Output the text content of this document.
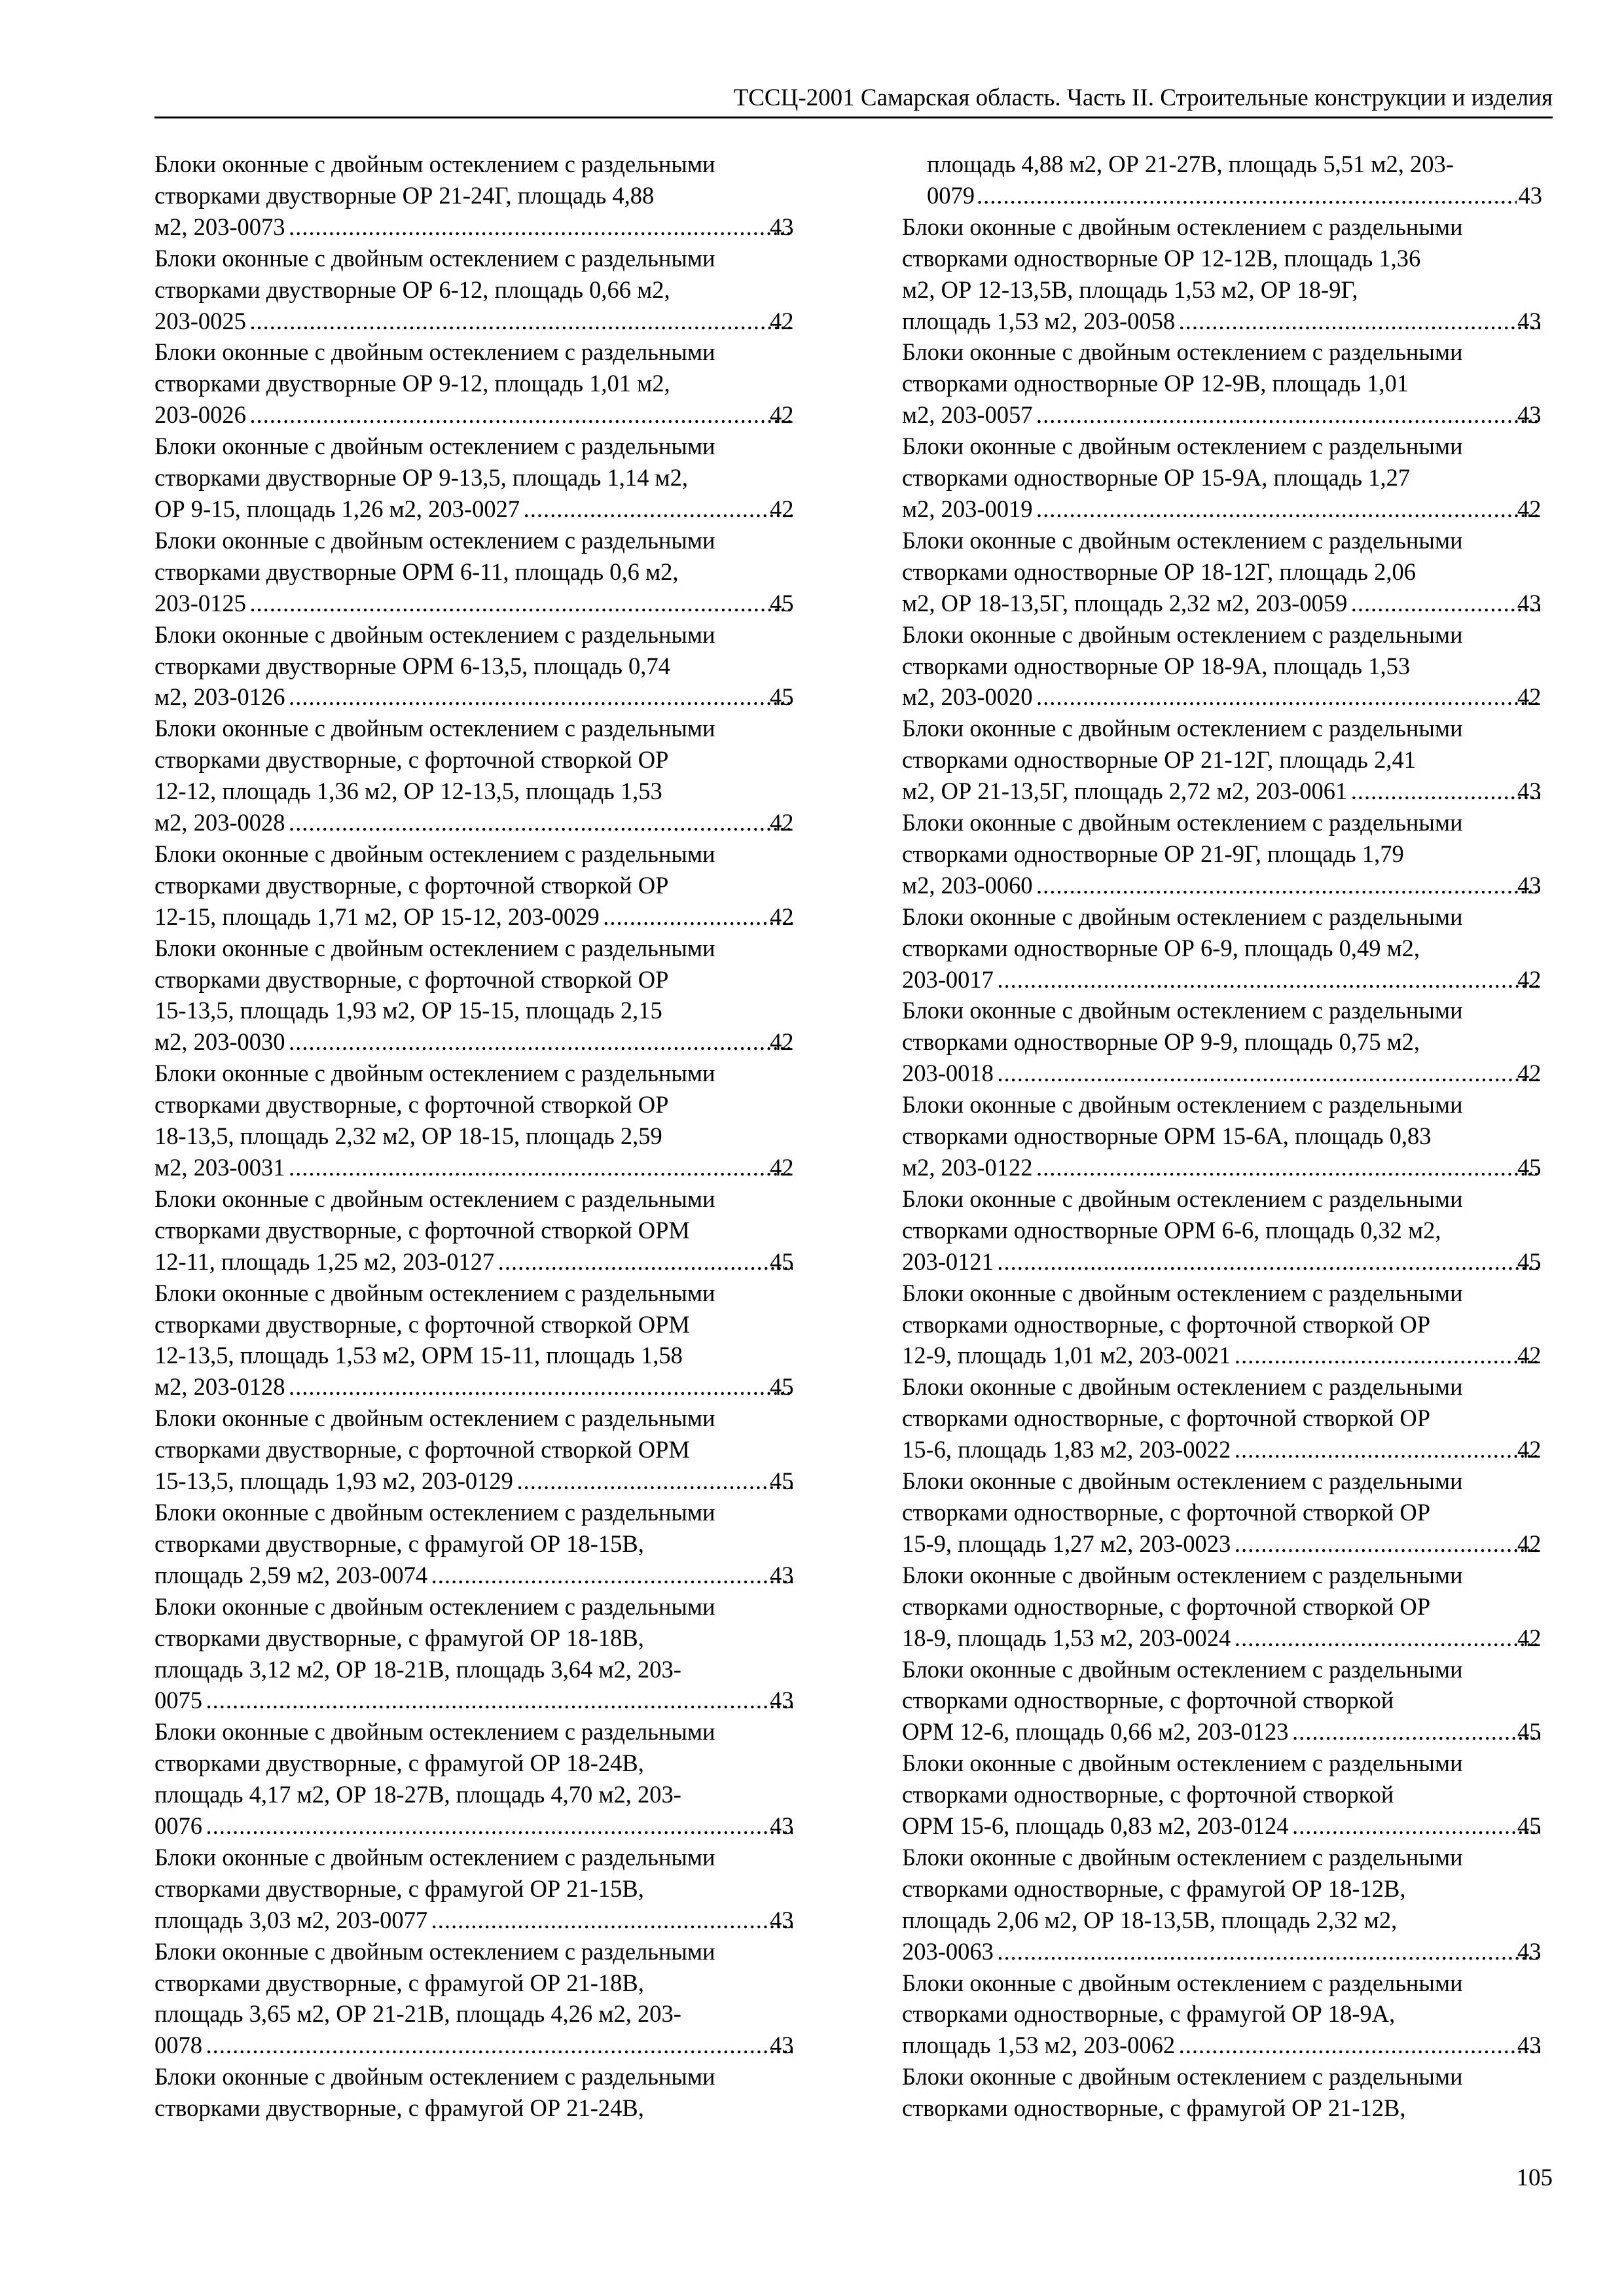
ТССЦ-2001 Самарская область. Часть II. Строительные конструкции и изделия
Блоки оконные с двойным остеклением с раздельными
створками двустворные ОР 21-24Г, площадь 4,88
м2, 203-0073 .....	43
Блоки оконные с двойным остеклением с раздельными
створками двустворные ОР 6-12, площадь 0,66 м2,
203-0025 .....	42
Блоки оконные с двойным остеклением с раздельными
створками двустворные ОР 9-12, площадь 1,01 м2,
203-0026 .....	42
Блоки оконные с двойным остеклением с раздельными
створками двустворные ОР 9-13,5, площадь 1,14 м2,
ОР 9-15, площадь 1,26 м2, 203-0027 .....	42
Блоки оконные с двойным остеклением с раздельными
створками двустворные ОРМ 6-11, площадь 0,6 м2,
203-0125 .....	45
Блоки оконные с двойным остеклением с раздельными
створками двустворные ОРМ 6-13,5, площадь 0,74
м2, 203-0126 .....	45
Блоки оконные с двойным остеклением с раздельными
створками двустворные, с форточной створкой ОР
12-12, площадь 1,36 м2, ОР 12-13,5, площадь 1,53
м2, 203-0028 .....	42
Блоки оконные с двойным остеклением с раздельными
створками двустворные, с форточной створкой ОР
12-15, площадь 1,71 м2, ОР 15-12, 203-0029 .....	42
Блоки оконные с двойным остеклением с раздельными
створками двустворные, с форточной створкой ОР
15-13,5, площадь 1,93 м2, ОР 15-15, площадь 2,15
м2, 203-0030 .....	42
Блоки оконные с двойным остеклением с раздельными
створками двустворные, с форточной створкой ОР
18-13,5, площадь 2,32 м2, ОР 18-15, площадь 2,59
м2, 203-0031 .....	42
Блоки оконные с двойным остеклением с раздельными
створками двустворные, с форточной створкой ОРМ
12-11, площадь 1,25 м2, 203-0127 .....	45
Блоки оконные с двойным остеклением с раздельными
створками двустворные, с форточной створкой ОРМ
12-13,5, площадь 1,53 м2, ОРМ 15-11, площадь 1,58
м2, 203-0128 .....	45
Блоки оконные с двойным остеклением с раздельными
створками двустворные, с форточной створкой ОРМ
15-13,5, площадь 1,93 м2, 203-0129 .....	45
Блоки оконные с двойным остеклением с раздельными
створками двустворные, с фрамугой ОР 18-15В,
площадь 2,59 м2, 203-0074 .....	43
Блоки оконные с двойным остеклением с раздельными
створками двустворные, с фрамугой ОР 18-18В,
площадь 3,12 м2, ОР 18-21В, площадь 3,64 м2, 203-
0075 .....	43
Блоки оконные с двойным остеклением с раздельными
створками двустворные, с фрамугой ОР 18-24В,
площадь 4,17 м2, ОР 18-27В, площадь 4,70 м2, 203-
0076 .....	43
Блоки оконные с двойным остеклением с раздельными
створками двустворные, с фрамугой ОР 21-15В,
площадь 3,03 м2, 203-0077 .....	43
Блоки оконные с двойным остеклением с раздельными
створками двустворные, с фрамугой ОР 21-18В,
площадь 3,65 м2, ОР 21-21В, площадь 4,26 м2, 203-
0078 .....	43
Блоки оконные с двойным остеклением с раздельными
створками двустворные, с фрамугой ОР 21-24В,
площадь 4,88 м2, ОР 21-27В, площадь 5,51 м2, 203-
0079 .....	43
Блоки оконные с двойным остеклением с раздельными
створками одностворные ОР 12-12В, площадь 1,36
м2, ОР 12-13,5В, площадь 1,53 м2, ОР 18-9Г,
площадь 1,53 м2, 203-0058 .....	43
Блоки оконные с двойным остеклением с раздельными
створками одностворные ОР 12-9В, площадь 1,01
м2, 203-0057 .....	43
Блоки оконные с двойным остеклением с раздельными
створками одностворные ОР 15-9А, площадь 1,27
м2, 203-0019 .....	42
Блоки оконные с двойным остеклением с раздельными
створками одностворные ОР 18-12Г, площадь 2,06
м2, ОР 18-13,5Г, площадь 2,32 м2, 203-0059 .....	43
Блоки оконные с двойным остеклением с раздельными
створками одностворные ОР 18-9А, площадь 1,53
м2, 203-0020 .....	42
Блоки оконные с двойным остеклением с раздельными
створками одностворные ОР 21-12Г, площадь 2,41
м2, ОР 21-13,5Г, площадь 2,72 м2, 203-0061 .....	43
Блоки оконные с двойным остеклением с раздельными
створками одностворные ОР 21-9Г, площадь 1,79
м2, 203-0060 .....	43
Блоки оконные с двойным остеклением с раздельными
створками одностворные ОР 6-9, площадь 0,49 м2,
203-0017 .....	42
Блоки оконные с двойным остеклением с раздельными
створками одностворные ОР 9-9, площадь 0,75 м2,
203-0018 .....	42
Блоки оконные с двойным остеклением с раздельными
створками одностворные ОРМ 15-6А, площадь 0,83
м2, 203-0122 .....	45
Блоки оконные с двойным остеклением с раздельными
створками одностворные ОРМ 6-6, площадь 0,32 м2,
203-0121 .....	45
Блоки оконные с двойным остеклением с раздельными
створками одностворные, с форточной створкой ОР
12-9, площадь 1,01 м2, 203-0021 .....	42
Блоки оконные с двойным остеклением с раздельными
створками одностворные, с форточной створкой ОР
15-6, площадь 1,83 м2, 203-0022 .....	42
Блоки оконные с двойным остеклением с раздельными
створками одностворные, с форточной створкой ОР
15-9, площадь 1,27 м2, 203-0023 .....	42
Блоки оконные с двойным остеклением с раздельными
створками одностворные, с форточной створкой ОР
18-9, площадь 1,53 м2, 203-0024 .....	42
Блоки оконные с двойным остеклением с раздельными
створками одностворные, с форточной створкой
ОРМ 12-6, площадь 0,66 м2, 203-0123 .....	45
Блоки оконные с двойным остеклением с раздельными
створками одностворные, с форточной створкой
ОРМ 15-6, площадь 0,83 м2, 203-0124 .....	45
Блоки оконные с двойным остеклением с раздельными
створками одностворные, с фрамугой ОР 18-12В,
площадь 2,06 м2, ОР 18-13,5В, площадь 2,32 м2,
203-0063 .....	43
Блоки оконные с двойным остеклением с раздельными
створками одностворные, с фрамугой ОР 18-9А,
площадь 1,53 м2, 203-0062 .....	43
Блоки оконные с двойным остеклением с раздельными
створками одностворные, с фрамугой ОР 21-12В,
105
